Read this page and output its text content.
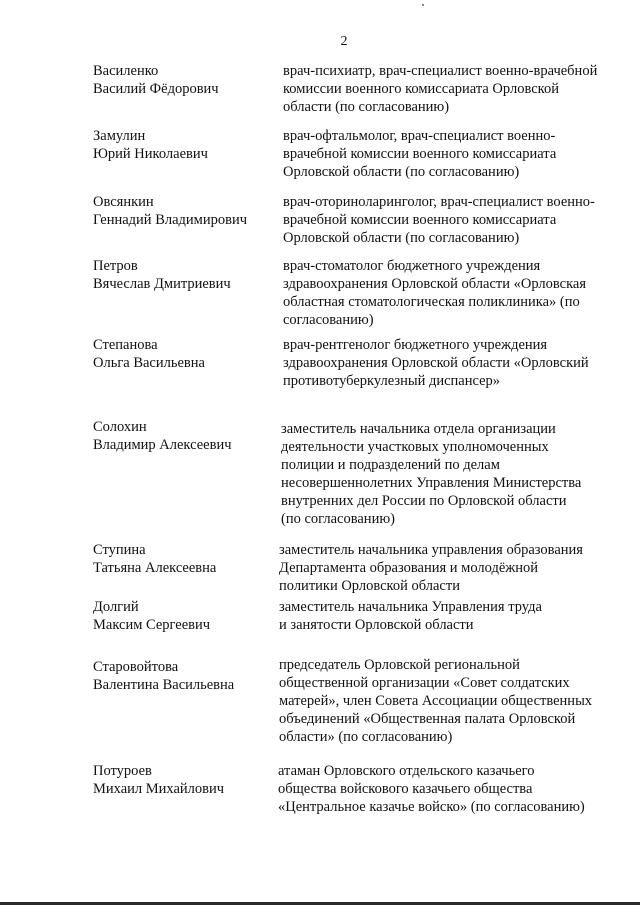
2
Василенко
Василий Фёдорович
врач-психиатр, врач-специалист военно-врачебной
комиссии военного комиссариата Орловской
области (по согласованию)
Замулин
Юрий Николаевич
врач-офтальмолог, врач-специалист военно-
врачебной комиссии военного комиссариата
Орловской области (по согласованию)
Овсянкин
Геннадий Владимирович
врач-оториноларинголог, врач-специалист военно-
врачебной комиссии военного комиссариата
Орловской области (по согласованию)
Петров
Вячеслав Дмитриевич
врач-стоматолог бюджетного учреждения
здравоохранения Орловской области «Орловская
областная стоматологическая поликлиника» (по
согласованию)
Степанова
Ольга Васильевна
врач-рентгенолог бюджетного учреждения
здравоохранения Орловской области «Орловский
противотуберкулезный диспансер»
Солохин
Владимир Алексеевич
заместитель начальника отдела организации
деятельности участковых уполномоченных
полиции и подразделений по делам
несовершеннолетних Управления Министерства
внутренних дел России по Орловской области
(по согласованию)
Ступина
Татьяна Алексеевна
заместитель начальника управления образования
Департамента образования и молодёжной
политики Орловской области
Долгий
Максим Сергеевич
заместитель начальника Управления труда
и занятости Орловской области
Старовойтова
Валентина Васильевна
председатель Орловской региональной
общественной организации «Совет солдатских
матерей», член Совета Ассоциации общественных
объединений «Общественная палата Орловской
области» (по согласованию)
Потуроев
Михаил Михайлович
атаман Орловского отдельского казачьего
общества войскового казачьего общества
«Центральное казачье войско» (по согласованию)
